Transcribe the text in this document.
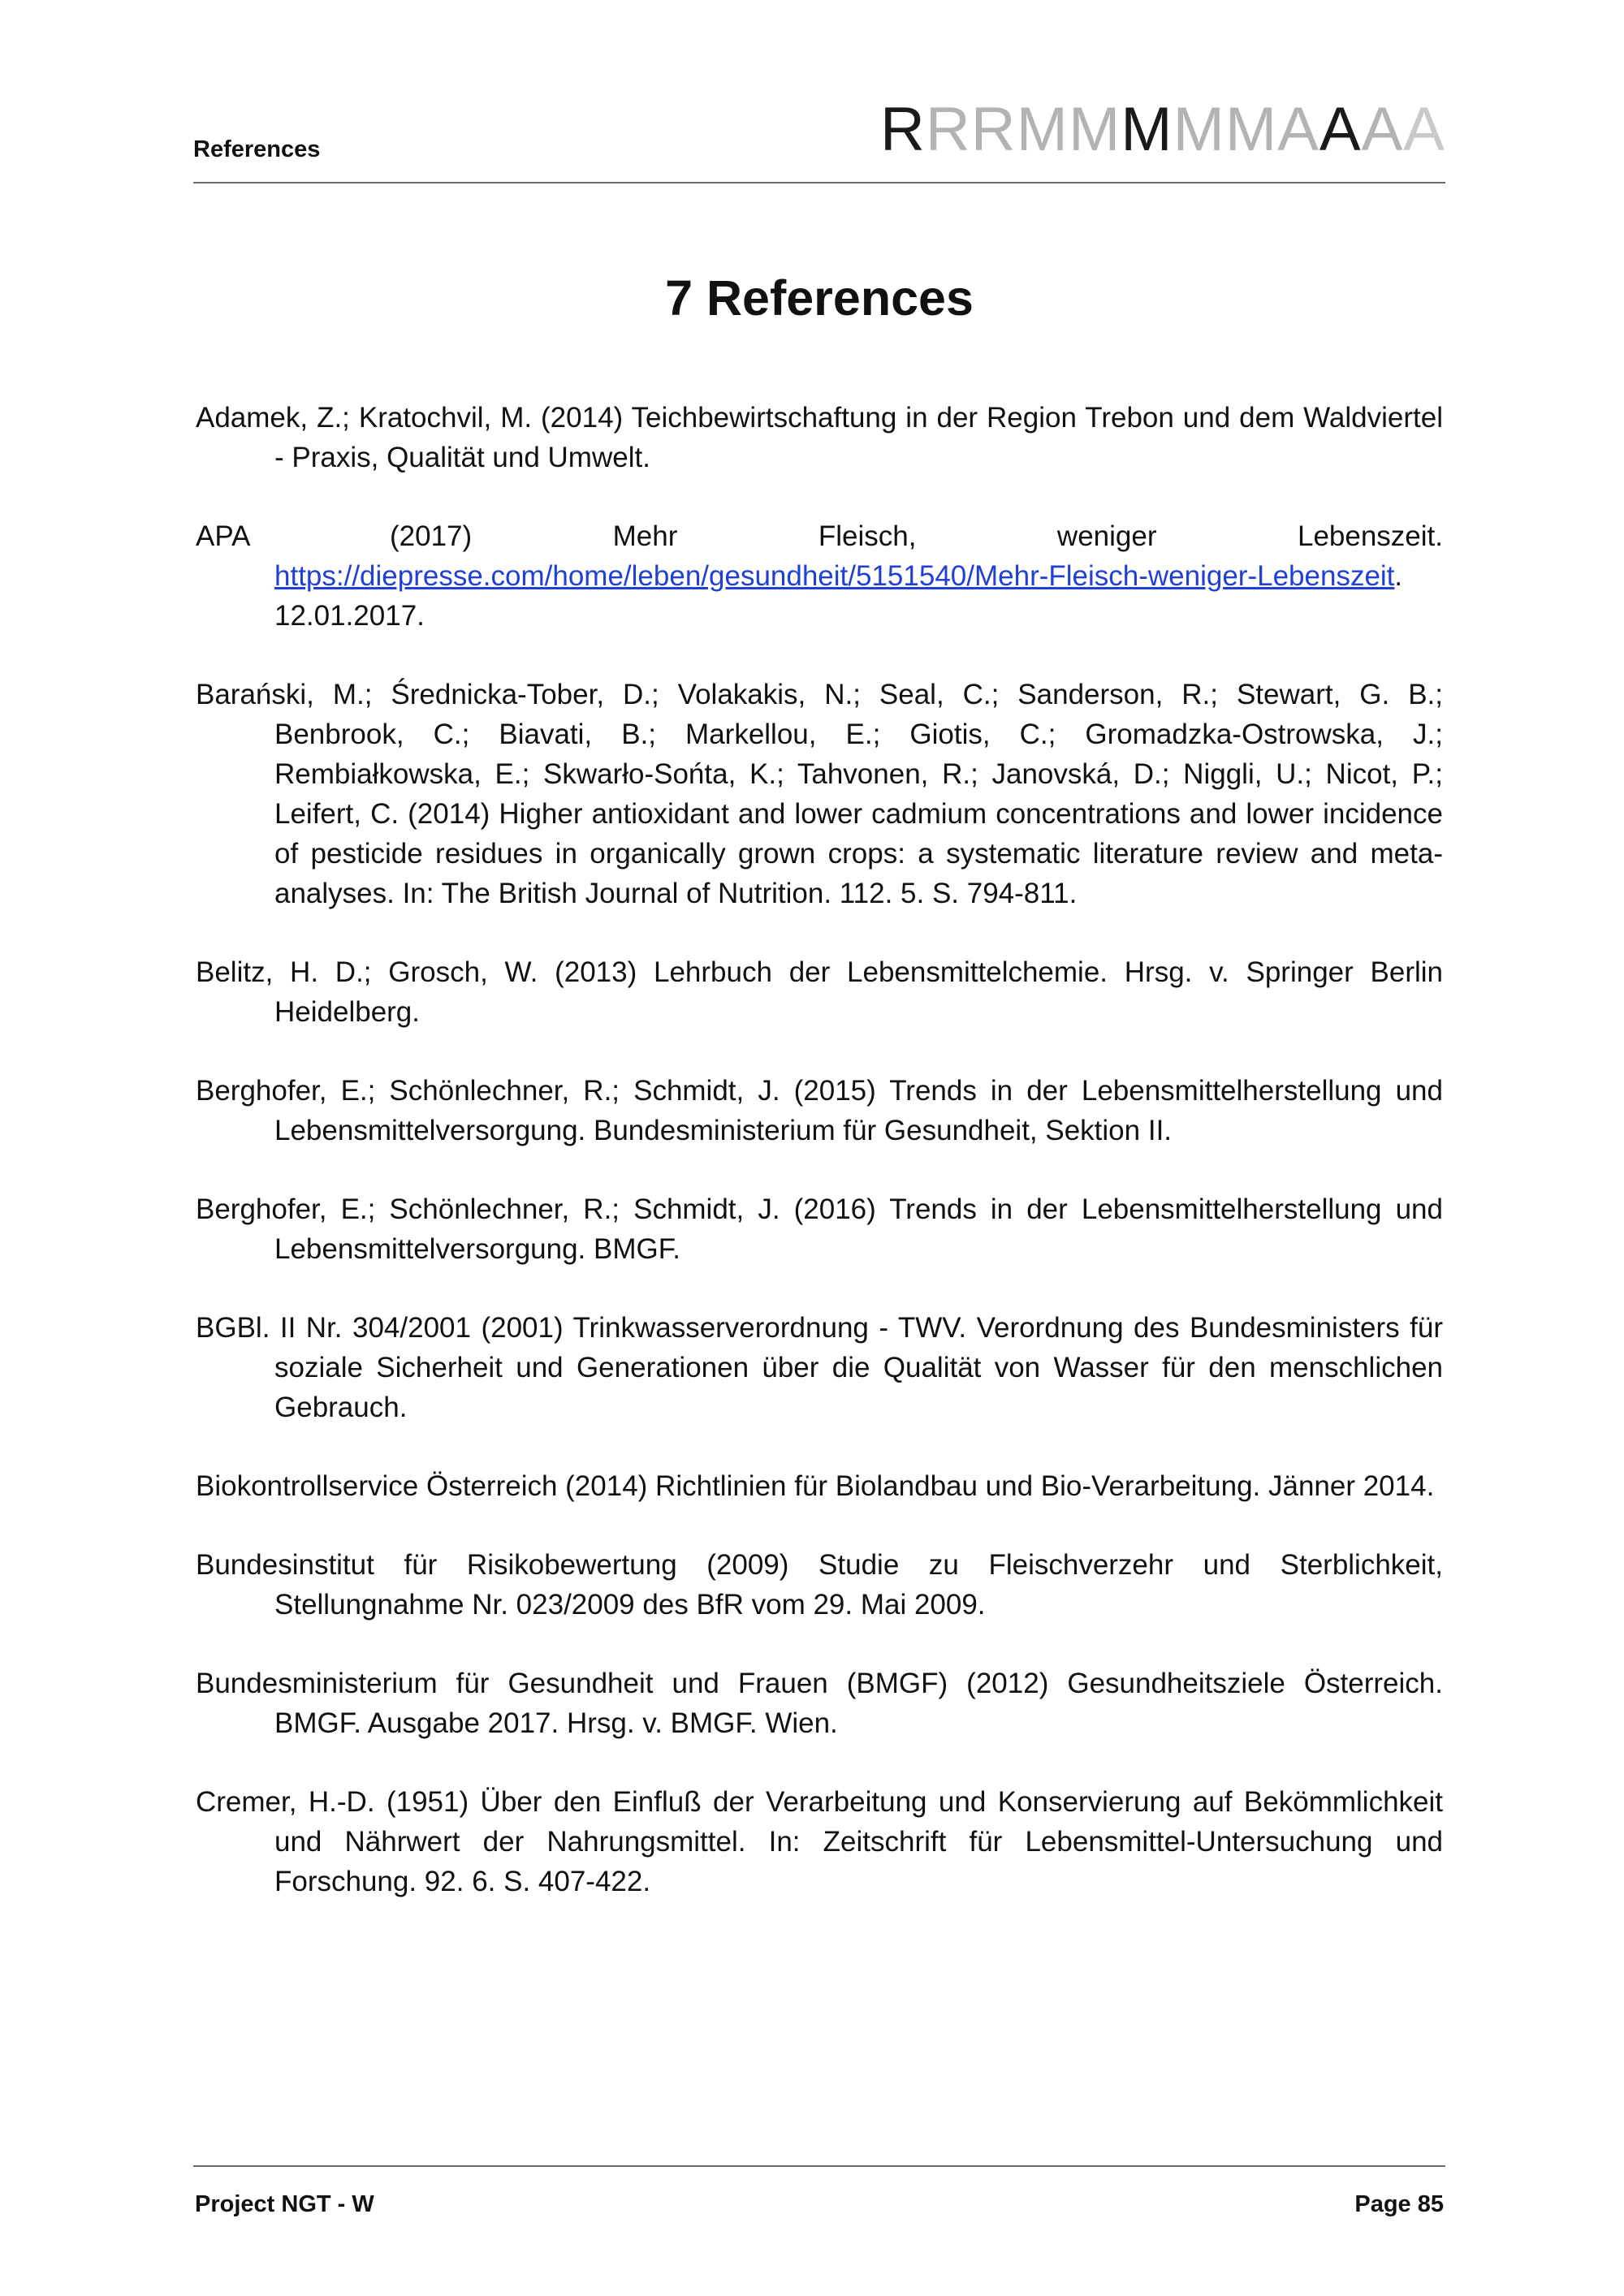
References	R R R M M M M M A A A A
7 References
Adamek, Z.; Kratochvil, M. (2014) Teichbewirtschaftung in der Region Trebon und dem Waldviertel - Praxis, Qualität und Umwelt.
APA (2017) Mehr Fleisch, weniger Lebenszeit. https://diepresse.com/home/leben/gesundheit/5151540/Mehr-Fleisch-weniger-Lebenszeit. 12.01.2017.
Barański, M.; Średnicka-Tober, D.; Volakakis, N.; Seal, C.; Sanderson, R.; Stewart, G. B.; Benbrook, C.; Biavati, B.; Markellou, E.; Giotis, C.; Gromadzka-Ostrowska, J.; Rembiałkowska, E.; Skwarło-Sońta, K.; Tahvonen, R.; Janovská, D.; Niggli, U.; Nicot, P.; Leifert, C. (2014) Higher antioxidant and lower cadmium concentrations and lower incidence of pesticide residues in organically grown crops: a systematic literature review and meta-analyses. In: The British Journal of Nutrition. 112. 5. S. 794-811.
Belitz, H. D.; Grosch, W. (2013) Lehrbuch der Lebensmittelchemie. Hrsg. v. Springer Berlin Heidelberg.
Berghofer, E.; Schönlechner, R.; Schmidt, J. (2015) Trends in der Lebensmittelherstellung und Lebensmittelversorgung. Bundesministerium für Gesundheit, Sektion II.
Berghofer, E.; Schönlechner, R.; Schmidt, J. (2016) Trends in der Lebensmittelherstellung und Lebensmittelversorgung. BMGF.
BGBl. II Nr. 304/2001 (2001) Trinkwasserverordnung - TWV. Verordnung des Bundesministers für soziale Sicherheit und Generationen über die Qualität von Wasser für den menschlichen Gebrauch.
Biokontrollservice Österreich (2014) Richtlinien für Biolandbau und Bio-Verarbeitung. Jänner 2014.
Bundesinstitut für Risikobewertung (2009) Studie zu Fleischverzehr und Sterblichkeit, Stellungnahme Nr. 023/2009 des BfR vom 29. Mai 2009.
Bundesministerium für Gesundheit und Frauen (BMGF) (2012) Gesundheitsziele Österreich. BMGF. Ausgabe 2017. Hrsg. v. BMGF. Wien.
Cremer, H.-D. (1951) Über den Einfluß der Verarbeitung und Konservierung auf Bekömmlichkeit und Nährwert der Nahrungsmittel. In: Zeitschrift für Lebensmittel-Untersuchung und Forschung. 92. 6. S. 407-422.
Project NGT - W	Page 85
